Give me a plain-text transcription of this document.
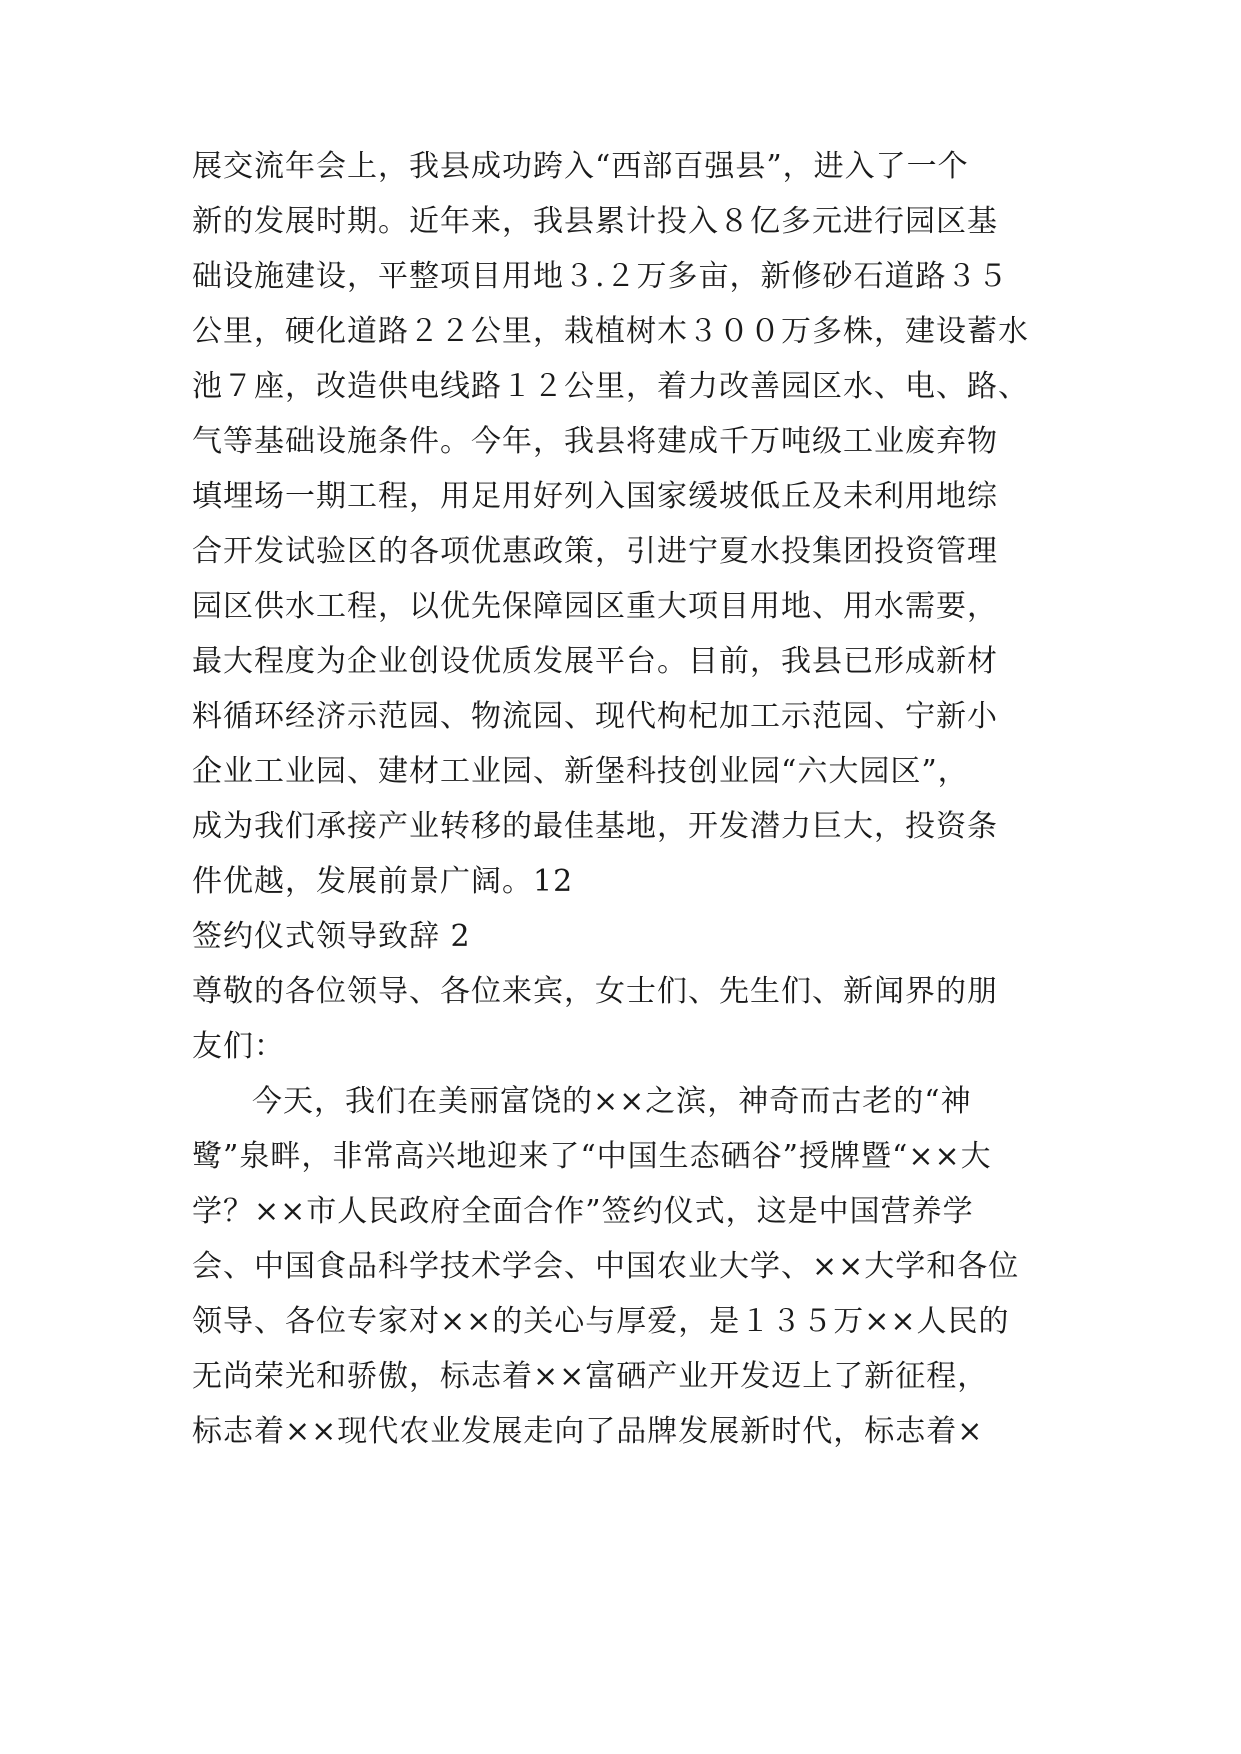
展交流年会上，我县成功跨入“西部百强县”，进入了一个
新的发展时期。近年来，我县累计投入８亿多元进行园区基
础设施建设，平整项目用地３.２万多亩，新修砂石道路３５
公里，硬化道路２２公里，栽植树木３００万多株，建设蓄水
池７座，改造供电线路１２公里，着力改善园区水、电、路、
气等基础设施条件。今年，我县将建成千万吨级工业废弃物
填埋场一期工程，用足用好列入国家缓坡低丘及未利用地综
合开发试验区的各项优惠政策，引进宁夏水投集团投资管理
园区供水工程，以优先保障园区重大项目用地、用水需要，
最大程度为企业创设优质发展平台。目前，我县已形成新材
料循环经济示范园、物流园、现代枸杞加工示范园、宁新小
企业工业园、建材工业园、新堡科技创业园“六大园区”，
成为我们承接产业转移的最佳基地，开发潜力巨大，投资条
件优越，发展前景广阔。12
签约仪式领导致辞 2
尊敬的各位领导、各位来宾，女士们、先生们、新闻界的朋
友们：
今天，我们在美丽富饶的××之滨，神奇而古老的“神
鹭”泉畔，非常高兴地迎来了“中国生态硒谷”授牌暨“××大
学？××市人民政府全面合作”签约仪式，这是中国营养学
会、中国食品科学技术学会、中国农业大学、××大学和各位
领导、各位专家对××的关心与厚爱，是１３５万××人民的
无尚荣光和骄傲，标志着××富硒产业开发迈上了新征程，
标志着××现代农业发展走向了品牌发展新时代，标志着×
